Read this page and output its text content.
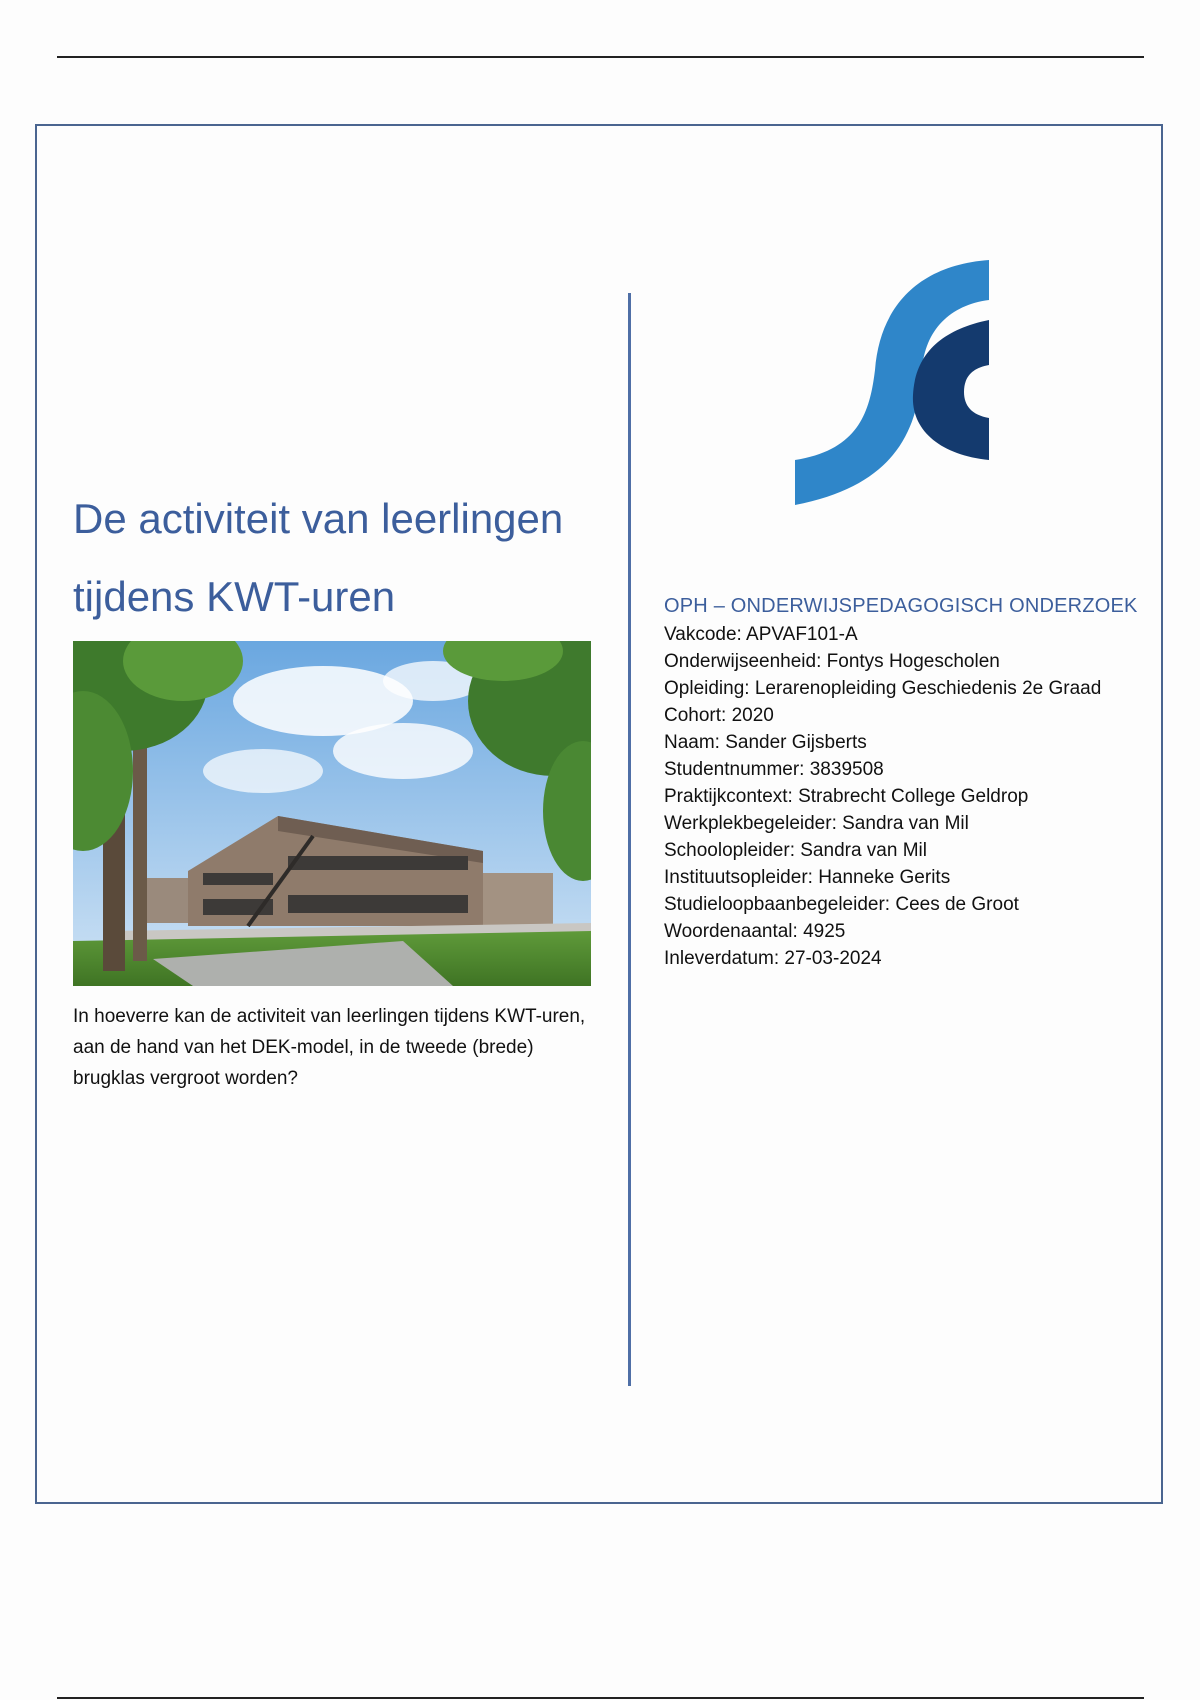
De activiteit van leerlingen
tijdens KWT-uren
In hoeverre kan de activiteit van leerlingen tijdens KWT-uren, aan de hand van het DEK-model, in de tweede (brede) brugklas vergroot worden?
OPH – ONDERWIJSPEDAGOGISCH ONDERZOEK
Vakcode: APVAF101-A
Onderwijseenheid: Fontys Hogescholen
Opleiding: Lerarenopleiding Geschiedenis 2e Graad
Cohort: 2020
Naam: Sander Gijsberts
Studentnummer: 3839508
Praktijkcontext: Strabrecht College Geldrop
Werkplekbegeleider: Sandra van Mil
Schoolopleider: Sandra van Mil
Instituutsopleider: Hanneke Gerits
Studieloopbaanbegeleider: Cees de Groot
Woordenaantal: 4925
Inleverdatum: 27-03-2024
